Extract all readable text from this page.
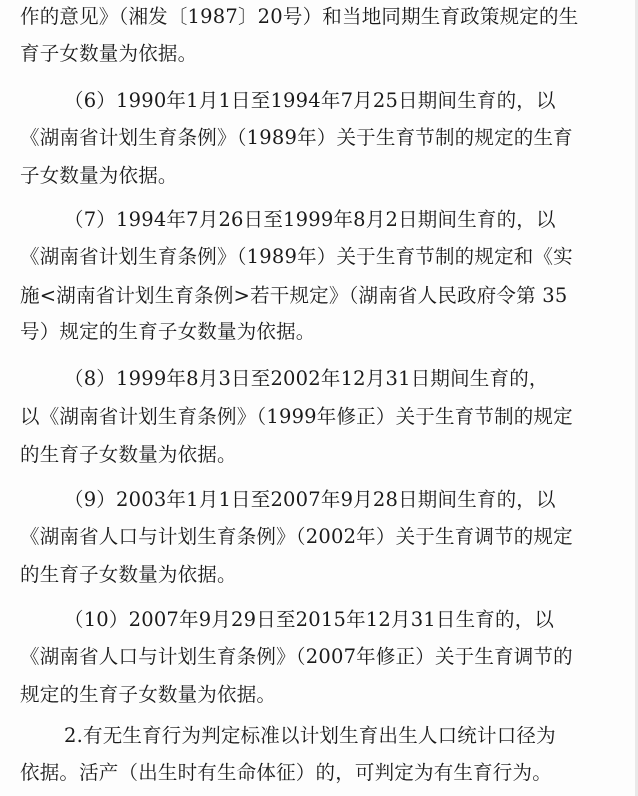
作的意见》（湘发〔1987〕20号）和当地同期生育政策规定的生
育子女数量为依据。
（6）1990年1月1日至1994年7月25日期间生育的，以
《湖南省计划生育条例》（1989年）关于生育节制的规定的生育
子女数量为依据。
（7）1994年7月26日至1999年8月2日期间生育的，以
《湖南省计划生育条例》（1989年）关于生育节制的规定和《实
施<湖南省计划生育条例>若干规定》（湖南省人民政府令第 35
号）规定的生育子女数量为依据。
（8）1999年8月3日至2002年12月31日期间生育的，
以《湖南省计划生育条例》（1999年修正）关于生育节制的规定
的生育子女数量为依据。
（9）2003年1月1日至2007年9月28日期间生育的，以
《湖南省人口与计划生育条例》（2002年）关于生育调节的规定
的生育子女数量为依据。
（10）2007年9月29日至2015年12月31日生育的，以
《湖南省人口与计划生育条例》（2007年修正）关于生育调节的
规定的生育子女数量为依据。
2.有无生育行为判定标准以计划生育出生人口统计口径为
依据。活产（出生时有生命体征）的，可判定为有生育行为。
